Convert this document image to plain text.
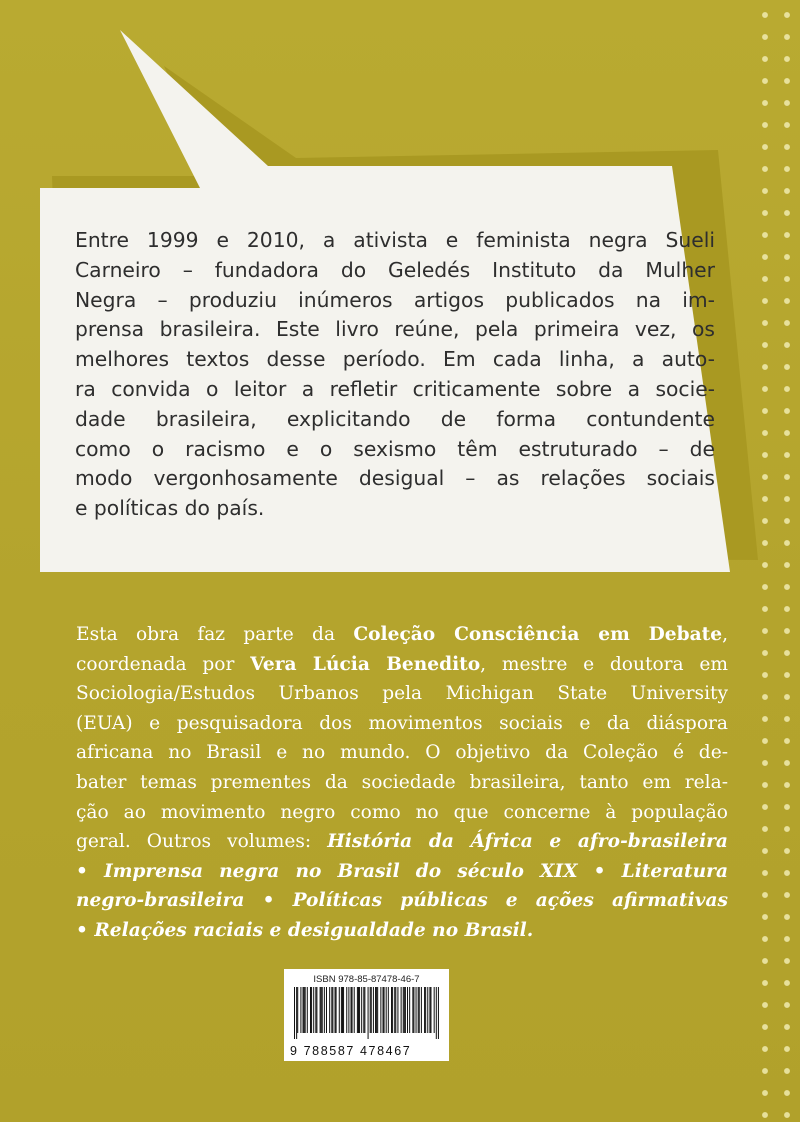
Entre 1999 e 2010, a ativista e feminista negra Sueli
Carneiro – fundadora do Geledés Instituto da Mulher
Negra – produziu inúmeros artigos publicados na im-
prensa brasileira. Este livro reúne, pela primeira vez, os
melhores textos desse período. Em cada linha, a auto-
ra convida o leitor a refletir criticamente sobre a socie-
dade brasileira, explicitando de forma contundente
como o racismo e o sexismo têm estruturado – de
modo vergonhosamente desigual – as relações sociais
e políticas do país.
Esta obra faz parte da Coleção Consciência em Debate,
coordenada por Vera Lúcia Benedito, mestre e doutora em
Sociologia/Estudos Urbanos pela Michigan State University
(EUA) e pesquisadora dos movimentos sociais e da diáspora
africana no Brasil e no mundo. O objetivo da Coleção é de-
bater temas prementes da sociedade brasileira, tanto em rela-
ção ao movimento negro como no que concerne à população
geral. Outros volumes: História da África e afro-brasileira
• Imprensa negra no Brasil do século XIX • Literatura
negro-brasileira • Políticas públicas e ações afirmativas
• Relações raciais e desigualdade no Brasil.
ISBN 978-85-87478-46-7
9 788587 478467
